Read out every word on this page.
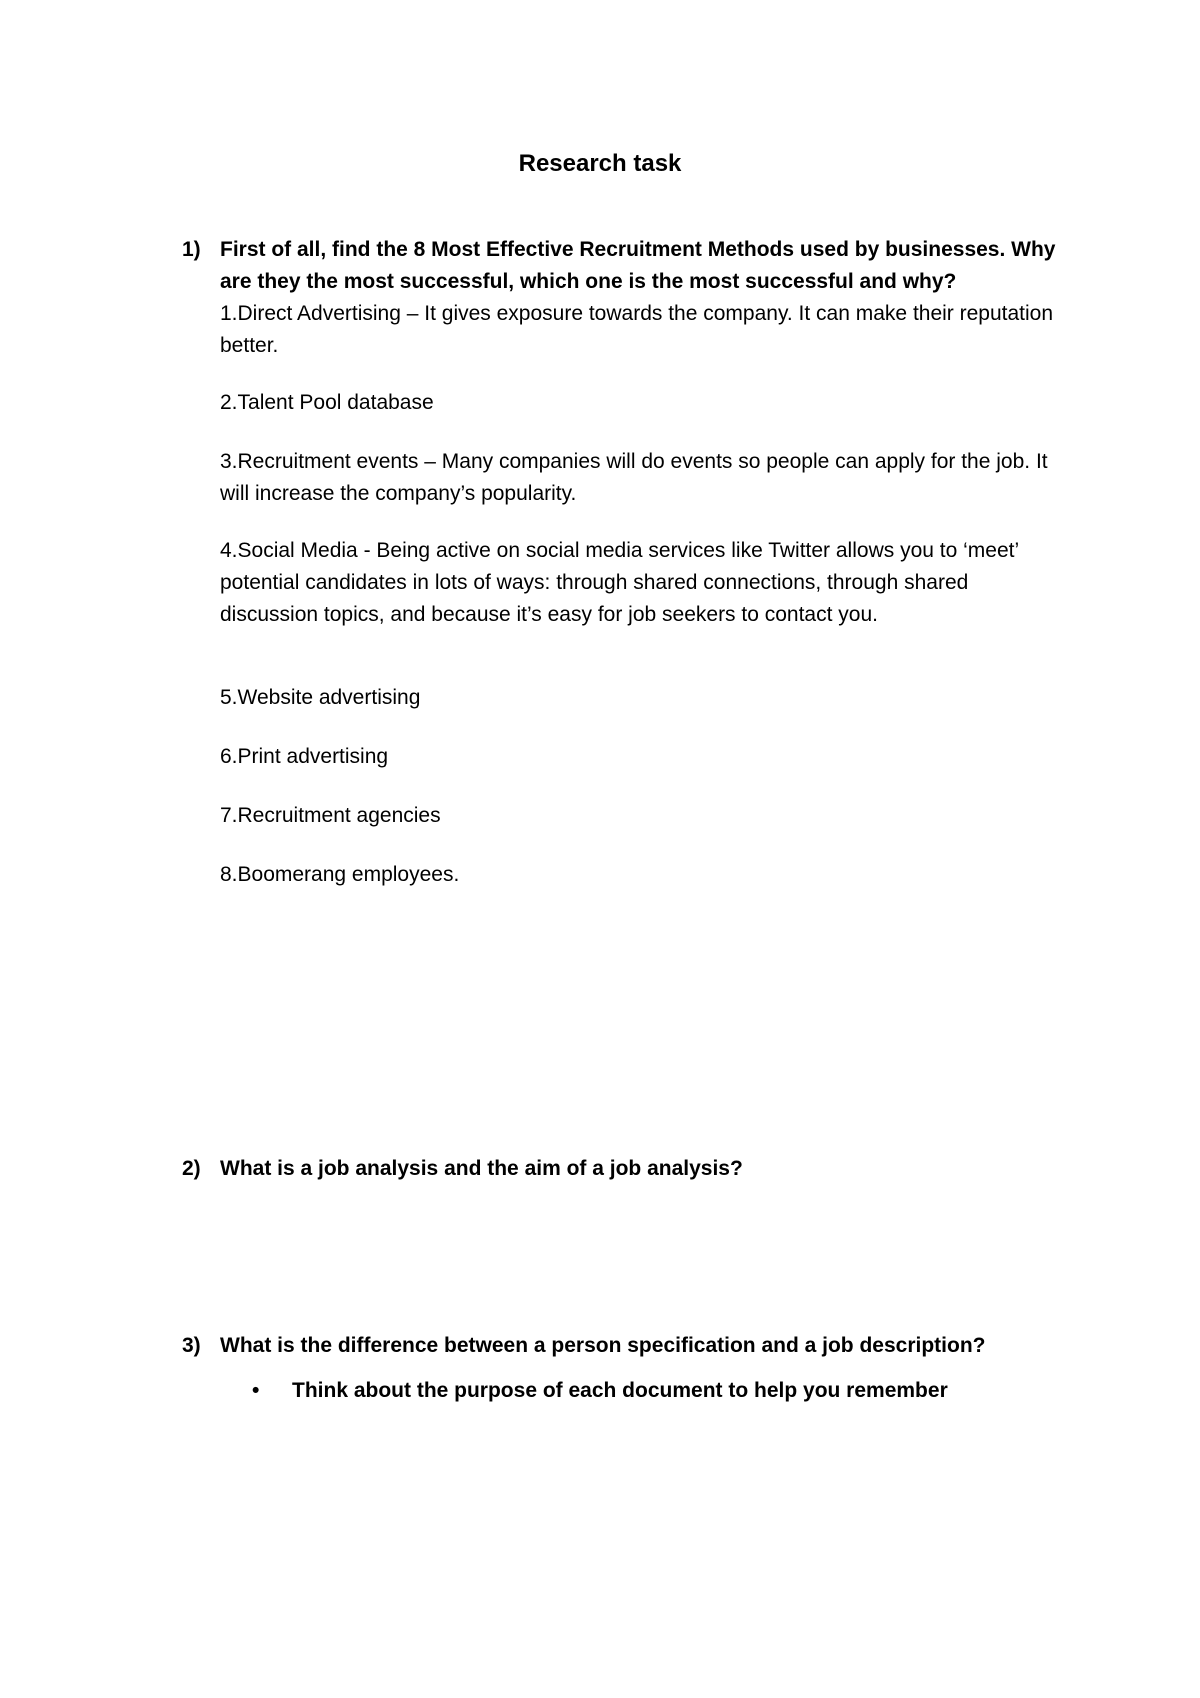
Research task
1) First of all, find the 8 Most Effective Recruitment Methods used by businesses. Why are they the most successful, which one is the most successful and why?
1.Direct Advertising – It gives exposure towards the company. It can make their reputation better.
2.Talent Pool database
3.Recruitment events – Many companies will do events so people can apply for the job. It will increase the company’s popularity.
4.Social Media - Being active on social media services like Twitter allows you to ‘meet’ potential candidates in lots of ways: through shared connections, through shared discussion topics, and because it’s easy for job seekers to contact you.
5.Website advertising
6.Print advertising
7.Recruitment agencies
8.Boomerang employees.
2) What is a job analysis and the aim of a job analysis?
3) What is the difference between a person specification and a job description?
• Think about the purpose of each document to help you remember
